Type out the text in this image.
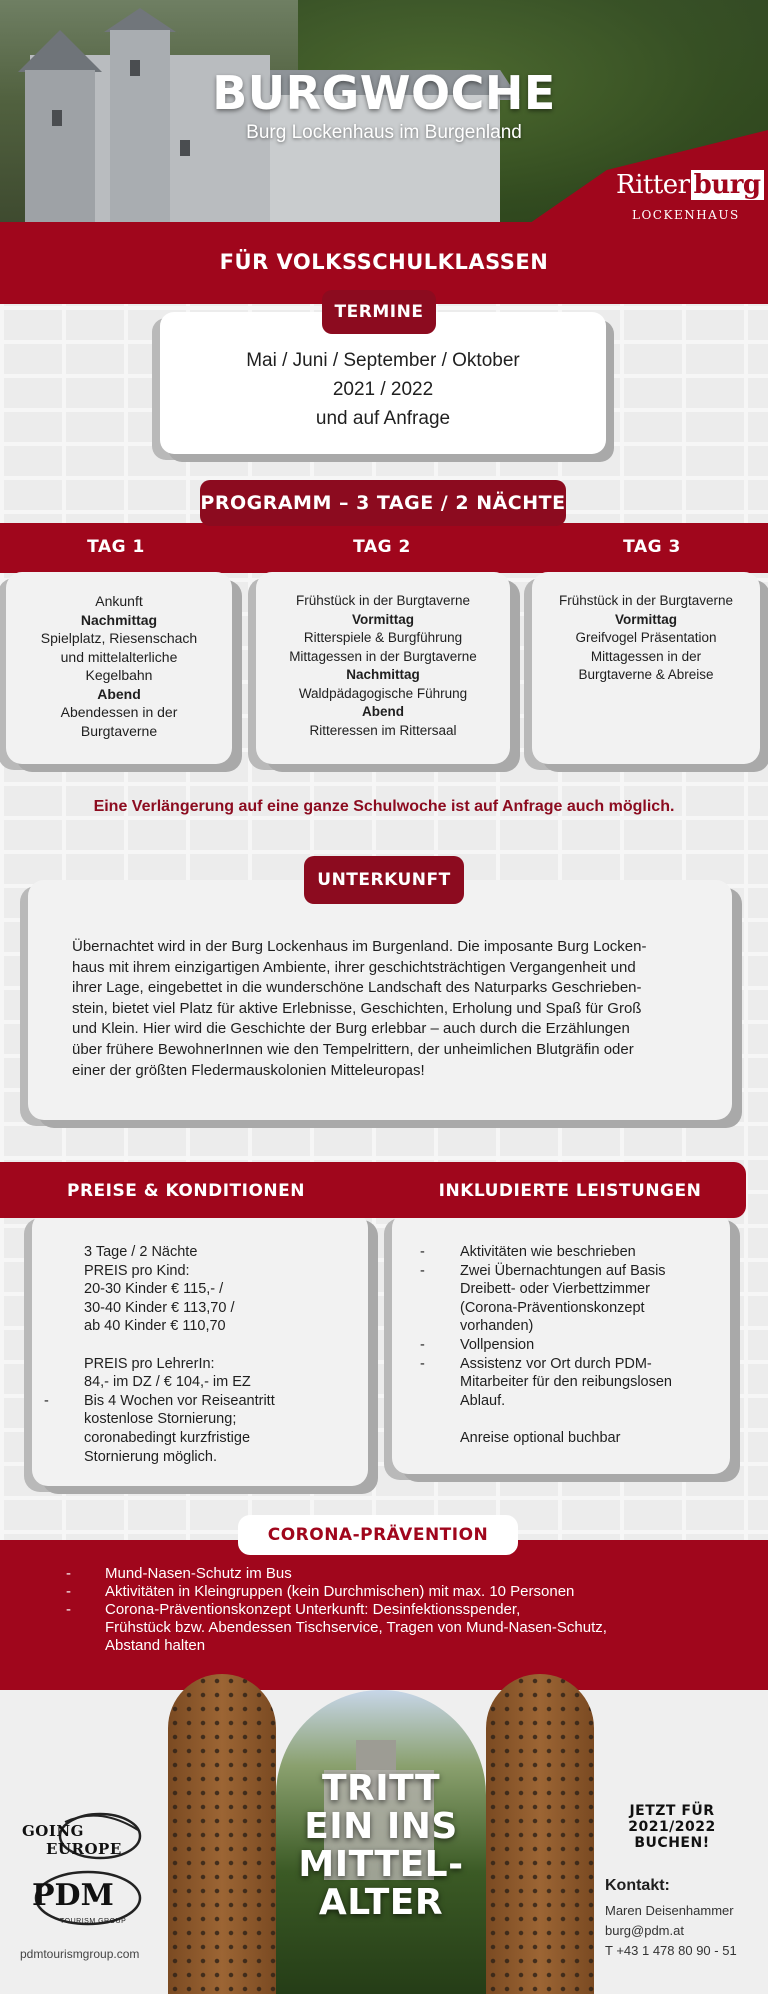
BURGWOCHE
Burg Lockenhaus im Burgenland
Ritter burg
LOCKENHAUS
FÜR VOLKSSCHULKLASSEN
Mai / Juni / September / Oktober
2021 / 2022
und auf Anfrage
TERMINE
PROGRAMM – 3 TAGE / 2 NÄCHTE
TAG 1	TAG 2	TAG 3
Ankunft
Nachmittag
Spielplatz, Riesenschach
und mittelalterliche
Kegelbahn
Abend
Abendessen in der
Burgtaverne
Frühstück in der Burgtaverne
Vormittag
Ritterspiele & Burgführung
Mittagessen in der Burgtaverne
Nachmittag
Waldpädagogische Führung
Abend
Ritteressen im Rittersaal
Frühstück in der Burgtaverne
Vormittag
Greifvogel Präsentation
Mittagessen in der
Burgtaverne & Abreise
Eine Verlängerung auf eine ganze Schulwoche ist auf Anfrage auch möglich.
Übernachtet wird in der Burg Lockenhaus im Burgenland. Die imposante Burg Locken-
haus mit ihrem einzigartigen Ambiente, ihrer geschichtsträchtigen Vergangenheit und
ihrer Lage, eingebettet in die wunderschöne Landschaft des Naturparks Geschrieben-
stein, bietet viel Platz für aktive Erlebnisse, Geschichten, Erholung und Spaß für Groß
und Klein. Hier wird die Geschichte der Burg erlebbar – auch durch die Erzählungen
über frühere BewohnerInnen wie den Tempelrittern, der unheimlichen Blutgräfin oder
einer der größten Fledermauskolonien Mitteleuropas!
UNTERKUNFT
PREISE & KONDITIONEN	INKLUDIERTE LEISTUNGEN
3 Tage / 2 Nächte
PREIS pro Kind:
20-30 Kinder € 115,- /
30-40 Kinder € 113,70 /
ab 40 Kinder € 110,70
PREIS pro LehrerIn:
84,- im DZ / € 104,- im EZ
-	Bis 4 Wochen vor Reiseantritt
kostenlose Stornierung;
coronabedingt kurzfristige
Stornierung möglich.
-	Aktivitäten wie beschrieben
-	Zwei Übernachtungen auf Basis
Dreibett- oder Vierbettzimmer
(Corona-Präventionskonzept
vorhanden)
-	Vollpension
-	Assistenz vor Ort durch PDM-
Mitarbeiter für den reibungslosen
Ablauf.
Anreise optional buchbar
CORONA-PRÄVENTION
- Mund-Nasen-Schutz im Bus
- Aktivitäten in Kleingruppen (kein Durchmischen) mit max. 10 Personen
- Corona-Präventionskonzept Unterkunft: Desinfektionsspender,
Frühstück bzw. Abendessen Tischservice, Tragen von Mund-Nasen-Schutz,
Abstand halten
TRITT
EIN INS
MITTEL-
ALTER
GOING
EUROPE
PDM
TOURISM GROUP
pdmtourismgroup.com
JETZT FÜR
2021/2022
BUCHEN!
Kontakt:
Maren Deisenhammer
burg@pdm.at
T +43 1 478 80 90 - 51
